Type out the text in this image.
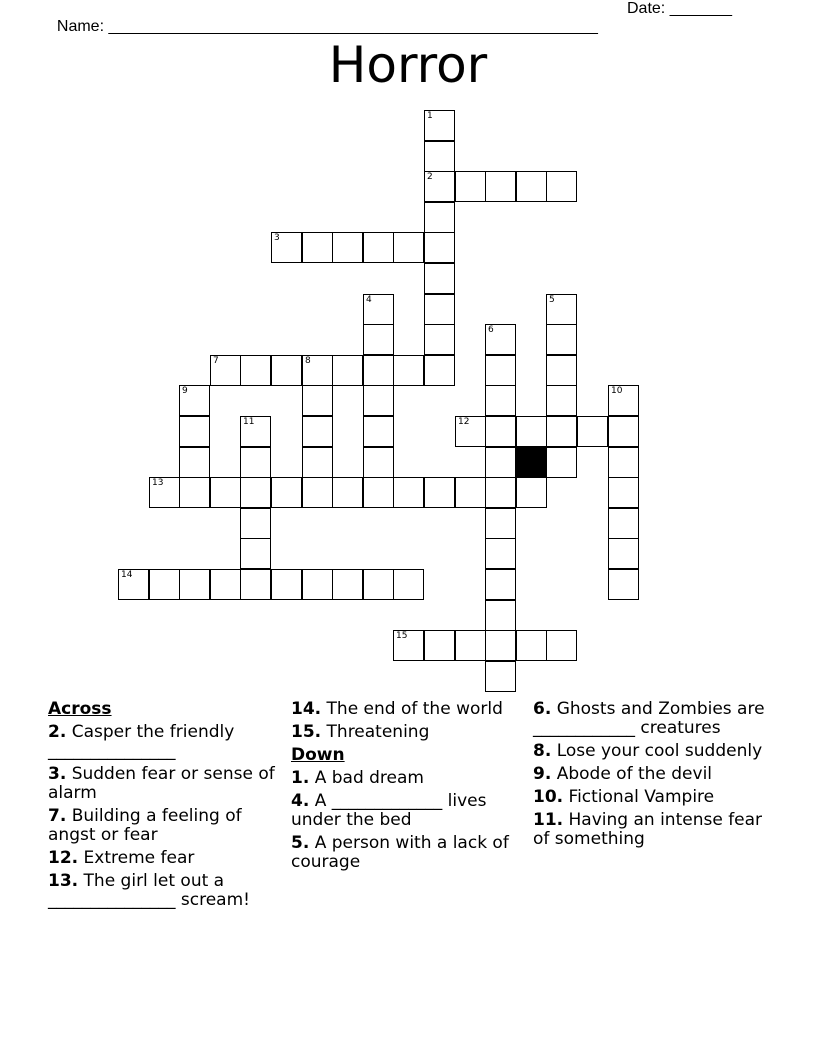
Name: _______________________________________________________

Date: _______

Horror
1
2
3
4	5
6
7	8
9	10
11	12
13
14
15
Across
2. Casper the friendly _______________
3. Sudden fear or sense of alarm
7. Building a feeling of angst or fear
12. Extreme fear
13. The girl let out a _______________ scream!
14. The end of the world
15. Threatening
Down
1. A bad dream
4. A _____________ lives under the bed
5. A person with a lack of courage
6. Ghosts and Zombies are ____________ creatures
8. Lose your cool suddenly
9. Abode of the devil
10. Fictional Vampire
11. Having an intense fear of something
